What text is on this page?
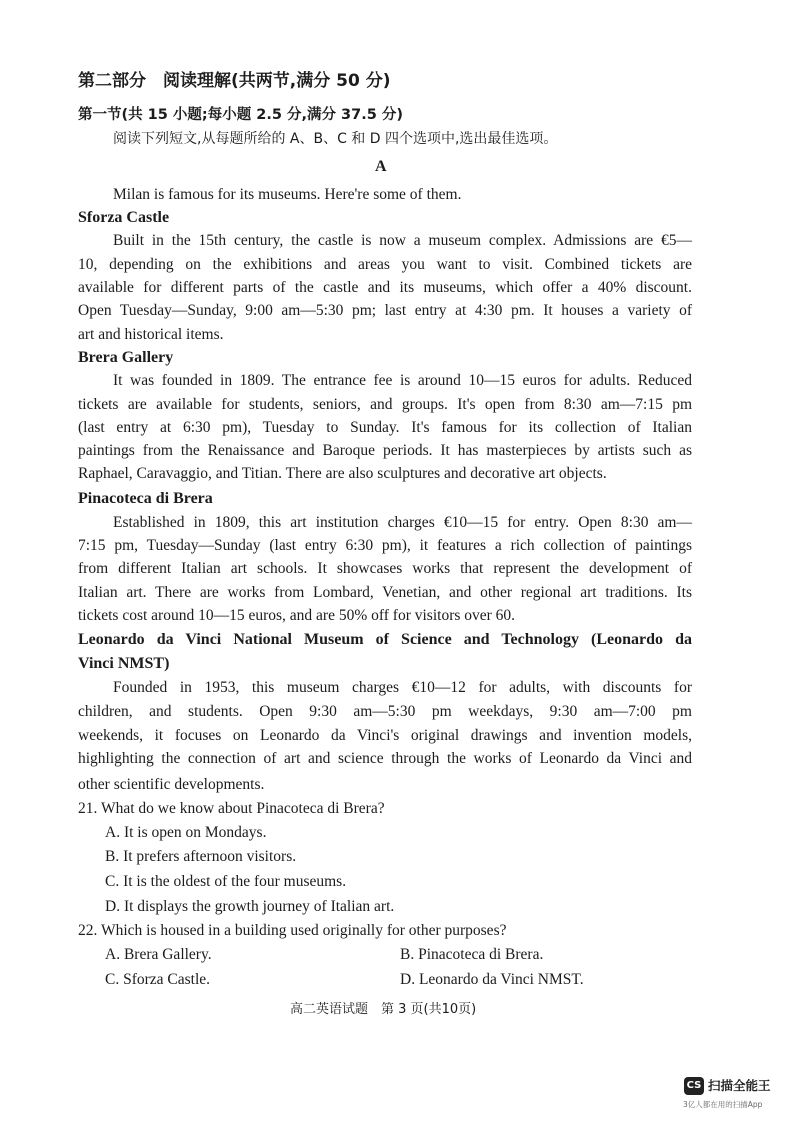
第二部分　阅读理解(共两节,满分 50 分)
第一节(共 15 小题;每小题 2.5 分,满分 37.5 分)
阅读下列短文,从每题所给的 A、B、C 和 D 四个选项中,选出最佳选项。
A
Milan is famous for its museums. Here're some of them.
Sforza Castle
Built in the 15th century, the castle is now a museum complex. Admissions are €5—
10, depending on the exhibitions and areas you want to visit. Combined tickets are
available for different parts of the castle and its museums, which offer a 40% discount.
Open Tuesday—Sunday, 9:00 am—5:30 pm; last entry at 4:30 pm. It houses a variety of
art and historical items.
Brera Gallery
It was founded in 1809. The entrance fee is around 10—15 euros for adults. Reduced
tickets are available for students, seniors, and groups. It's open from 8:30 am—7:15 pm
(last entry at 6:30 pm), Tuesday to Sunday. It's famous for its collection of Italian
paintings from the Renaissance and Baroque periods. It has masterpieces by artists such as
Raphael, Caravaggio, and Titian. There are also sculptures and decorative art objects.
Pinacoteca di Brera
Established in 1809, this art institution charges €10—15 for entry. Open 8:30 am—
7:15 pm, Tuesday—Sunday (last entry 6:30 pm), it features a rich collection of paintings
from different Italian art schools. It showcases works that represent the development of
Italian art. There are works from Lombard, Venetian, and other regional art traditions. Its
tickets cost around 10—15 euros, and are 50% off for visitors over 60.
Leonardo da Vinci National Museum of Science and Technology (Leonardo da
Vinci NMST)
Founded in 1953, this museum charges €10—12 for adults, with discounts for
children, and students. Open 9:30 am—5:30 pm weekdays, 9:30 am—7:00 pm
weekends, it focuses on Leonardo da Vinci's original drawings and invention models,
highlighting the connection of art and science through the works of Leonardo da Vinci and
other scientific developments.
21. What do we know about Pinacoteca di Brera?
A. It is open on Mondays.
B. It prefers afternoon visitors.
C. It is the oldest of the four museums.
D. It displays the growth journey of Italian art.
22. Which is housed in a building used originally for other purposes?
A. Brera Gallery.	B. Pinacoteca di Brera.
C. Sforza Castle.	D. Leonardo da Vinci NMST.
高二英语试题　第 3 页(共10页)
CS 扫描全能王
3亿人都在用的扫描App
